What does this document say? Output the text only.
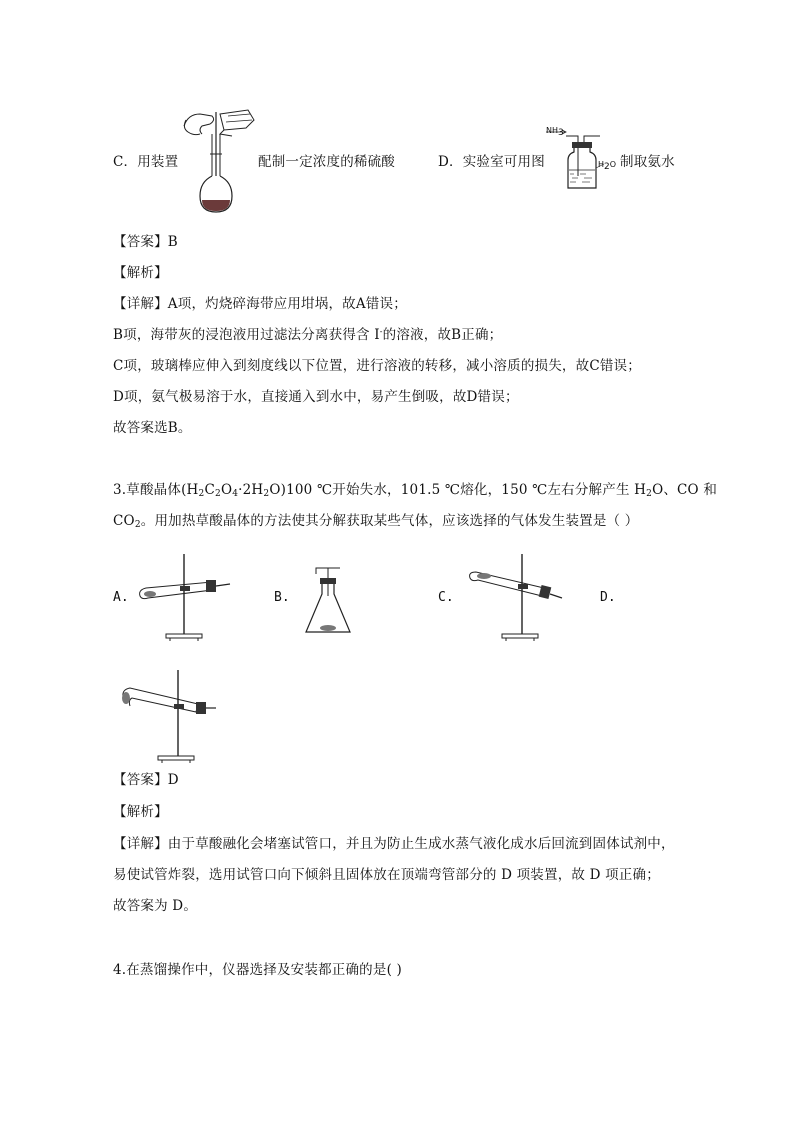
C．用装置	配制一定浓度的稀硫酸	D．实验室可用图
$NH_3$
$H_2O$ 制取氨水
【答案】B
【解析】
【详解】A项，灼烧碎海带应用坩埚，故A错误；
B项，海带灰的浸泡液用过滤法分离获得含 I-的溶液，故B正确；
C项，玻璃棒应伸入到刻度线以下位置，进行溶液的转移，减小溶质的损失，故C错误；
D项，氨气极易溶于水，直接通入到水中，易产生倒吸，故D错误；
故答案选B。
3.草酸晶体$(H_2C_2O_4\cdot 2H_2O)100$ ℃开始失水，101.5 ℃熔化，150 ℃左右分解产生 $H_2O$、CO 和
$CO_2$。用加热草酸晶体的方法使其分解获取某些气体，应该选择的气体发生装置是（ ）
A.	B.	C.	D.
【答案】D
【解析】
【详解】由于草酸融化会堵塞试管口，并且为防止生成水蒸气液化成水后回流到固体试剂中，
易使试管炸裂，选用试管口向下倾斜且固体放在顶端弯管部分的 D 项装置，故 D 项正确；
故答案为 D。
4.在蒸馏操作中，仪器选择及安装都正确的是( )
